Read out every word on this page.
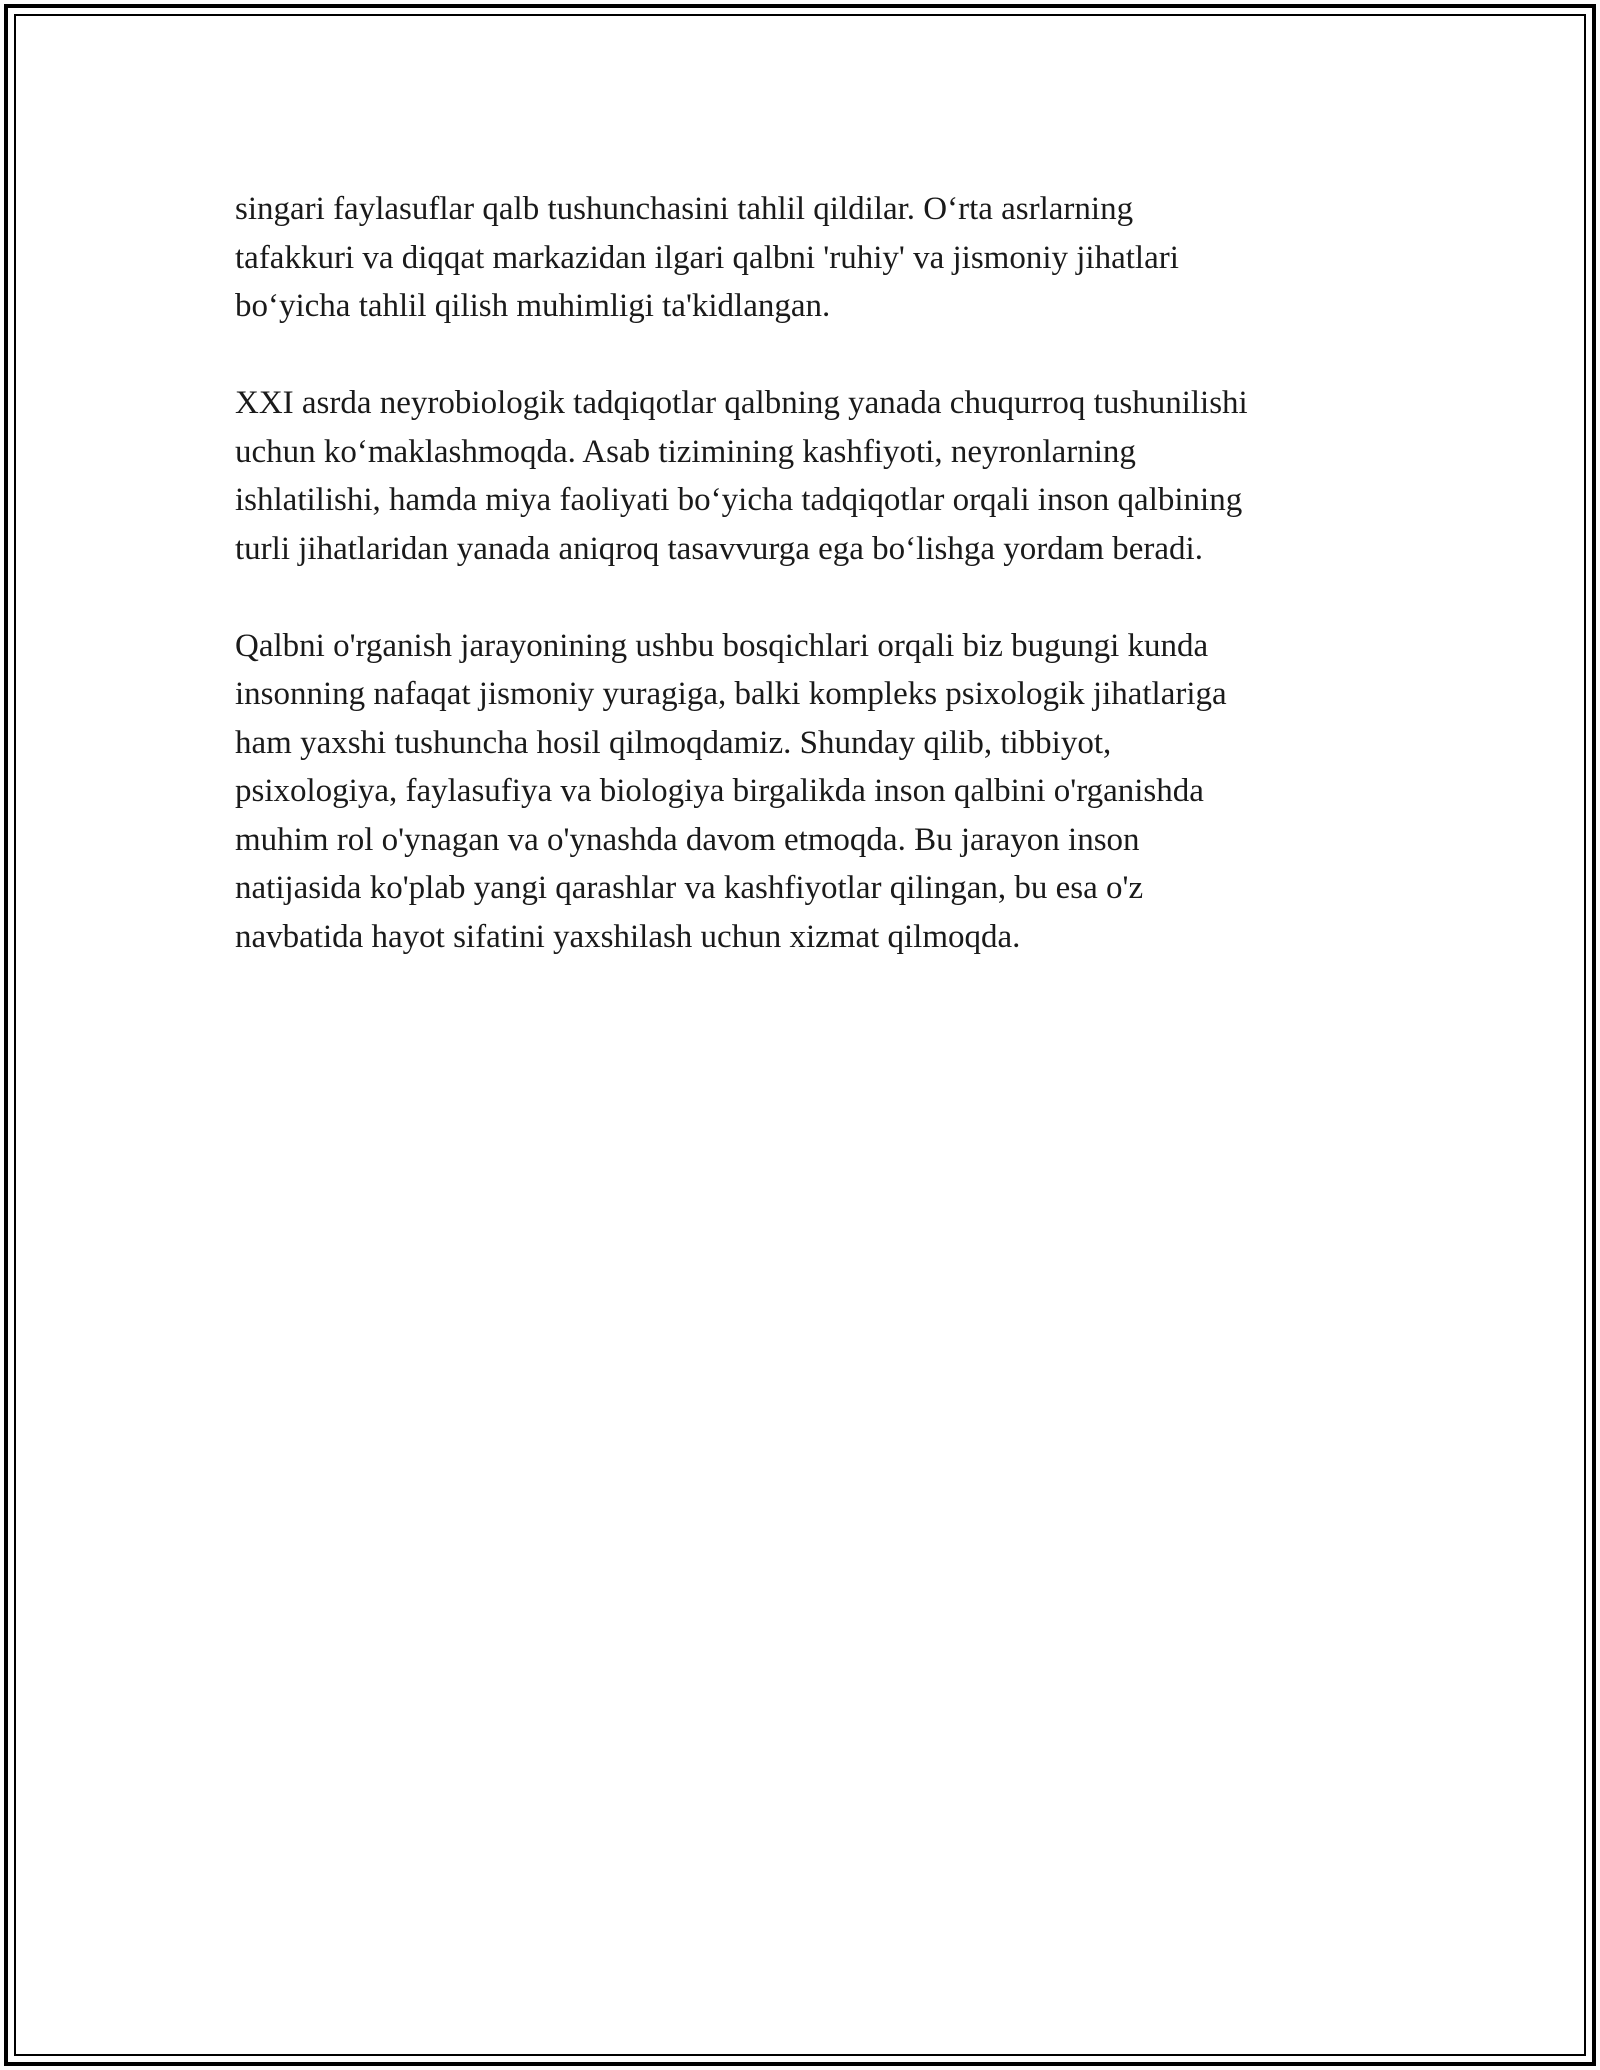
singari faylasuflar qalb tushunchasini tahlil qildilar. O‘rta asrlarning
tafakkuri va diqqat markazidan ilgari qalbni 'ruhiy' va jismoniy jihatlari
bo‘yicha tahlil qilish muhimligi ta'kidlangan.

XXI asrda neyrobiologik tadqiqotlar qalbning yanada chuqurroq tushunilishi
uchun ko‘maklashmoqda. Asab tizimining kashfiyoti, neyronlarning
ishlatilishi, hamda miya faoliyati bo‘yicha tadqiqotlar orqali inson qalbining
turli jihatlaridan yanada aniqroq tasavvurga ega bo‘lishga yordam beradi.

Qalbni o'rganish jarayonining ushbu bosqichlari orqali biz bugungi kunda
insonning nafaqat jismoniy yuragiga, balki kompleks psixologik jihatlariga
ham yaxshi tushuncha hosil qilmoqdamiz. Shunday qilib, tibbiyot,
psixologiya, faylasufiya va biologiya birgalikda inson qalbini o'rganishda
muhim rol o'ynagan va o'ynashda davom etmoqda. Bu jarayon inson
natijasida ko'plab yangi qarashlar va kashfiyotlar qilingan, bu esa o'z
navbatida hayot sifatini yaxshilash uchun xizmat qilmoqda.
